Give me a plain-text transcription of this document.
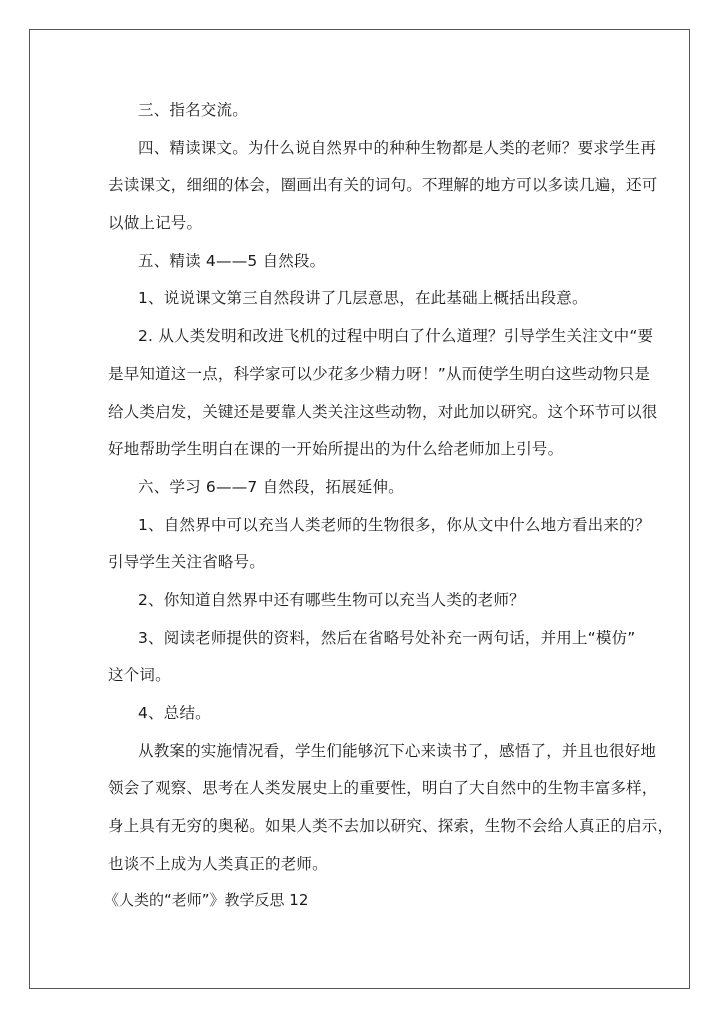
三、指名交流。
四、精读课文。为什么说自然界中的种种生物都是人类的老师？要求学生再
去读课文，细细的体会，圈画出有关的词句。不理解的地方可以多读几遍，还可
以做上记号。
五、精读 4——5 自然段。
1、说说课文第三自然段讲了几层意思，在此基础上概括出段意。
2. 从人类发明和改进飞机的过程中明白了什么道理？引导学生关注文中“要
是早知道这一点，科学家可以少花多少精力呀！”从而使学生明白这些动物只是
给人类启发，关键还是要靠人类关注这些动物，对此加以研究。这个环节可以很
好地帮助学生明白在课的一开始所提出的为什么给老师加上引号。
六、学习 6——7 自然段，拓展延伸。
1、自然界中可以充当人类老师的生物很多，你从文中什么地方看出来的？
引导学生关注省略号。
2、你知道自然界中还有哪些生物可以充当人类的老师？
3、阅读老师提供的资料，然后在省略号处补充一两句话，并用上“模仿”
这个词。
4、总结。
从教案的实施情况看，学生们能够沉下心来读书了，感悟了，并且也很好地
领会了观察、思考在人类发展史上的重要性，明白了大自然中的生物丰富多样，
身上具有无穷的奥秘。如果人类不去加以研究、探索，生物不会给人真正的启示，
也谈不上成为人类真正的老师。
《人类的“老师”》教学反思 12
